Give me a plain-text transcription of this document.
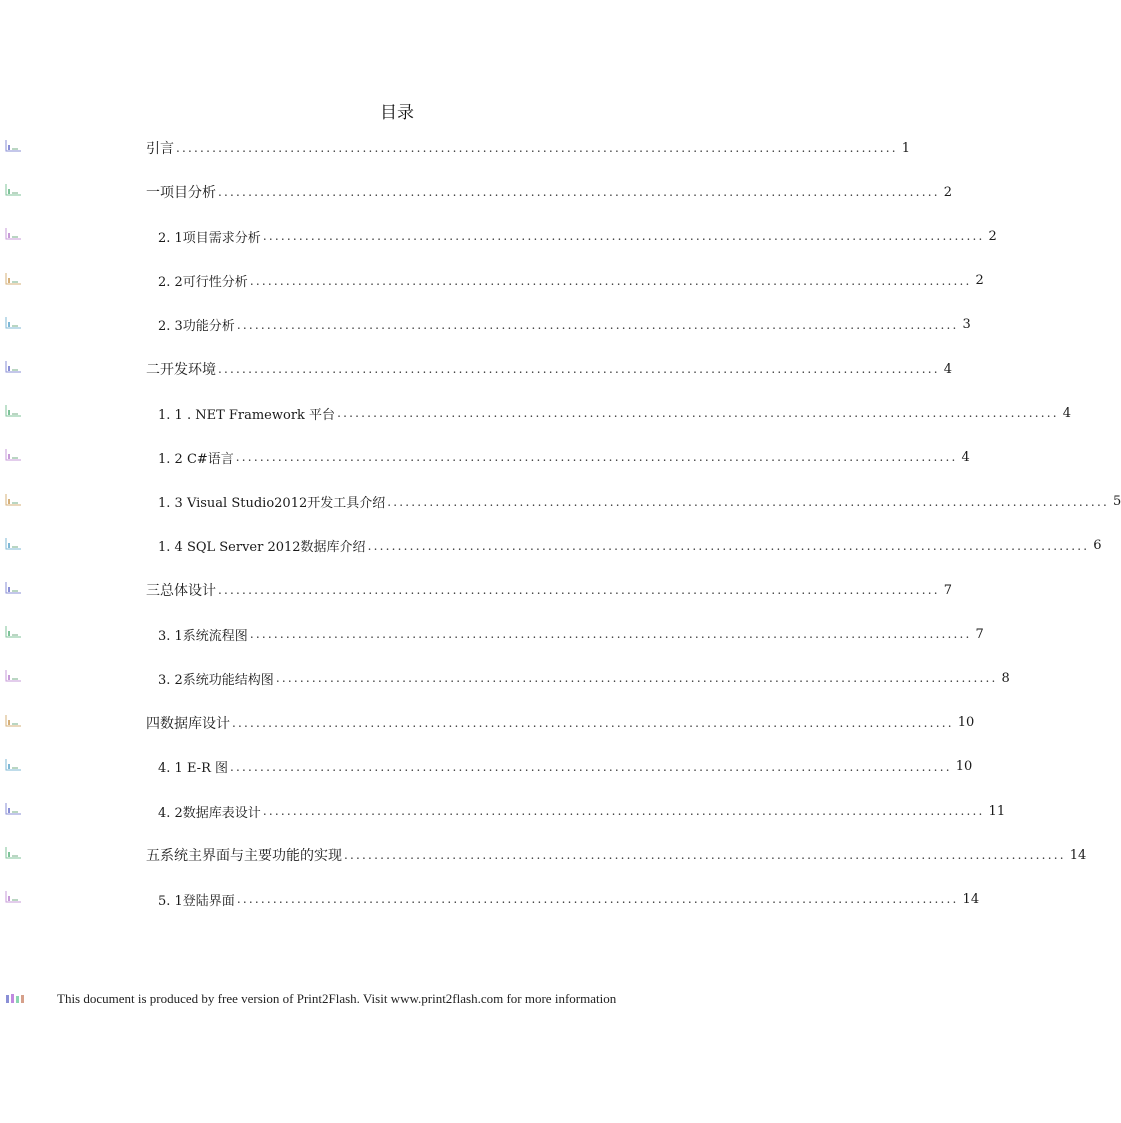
目录
引言 ........................................................................................................................ 1
一项目分析 ........................................................................................................................ 2
2. 1项目需求分析 ........................................................................................................................ 2
2. 2可行性分析 ........................................................................................................................ 2
2. 3功能分析 ........................................................................................................................ 3
二开发环境 ........................................................................................................................ 4
1. 1 . NET Framework 平台 ........................................................................................................................ 4
1. 2 C#语言 ........................................................................................................................ 4
1. 3 Visual Studio2012开发工具介绍 ........................................................................................................................ 5
1. 4 SQL Server 2012数据库介绍 ........................................................................................................................ 6
三总体设计 ........................................................................................................................ 7
3. 1系统流程图 ........................................................................................................................ 7
3. 2系统功能结构图 ........................................................................................................................ 8
四数据库设计 ........................................................................................................................ 10
4. 1 E-R 图 ........................................................................................................................ 10
4. 2数据库表设计 ........................................................................................................................ 11
五系统主界面与主要功能的实现 ........................................................................................................................ 14
5. 1登陆界面 ........................................................................................................................ 14
This document is produced by free version of Print2Flash. Visit www.print2flash.com for more information
